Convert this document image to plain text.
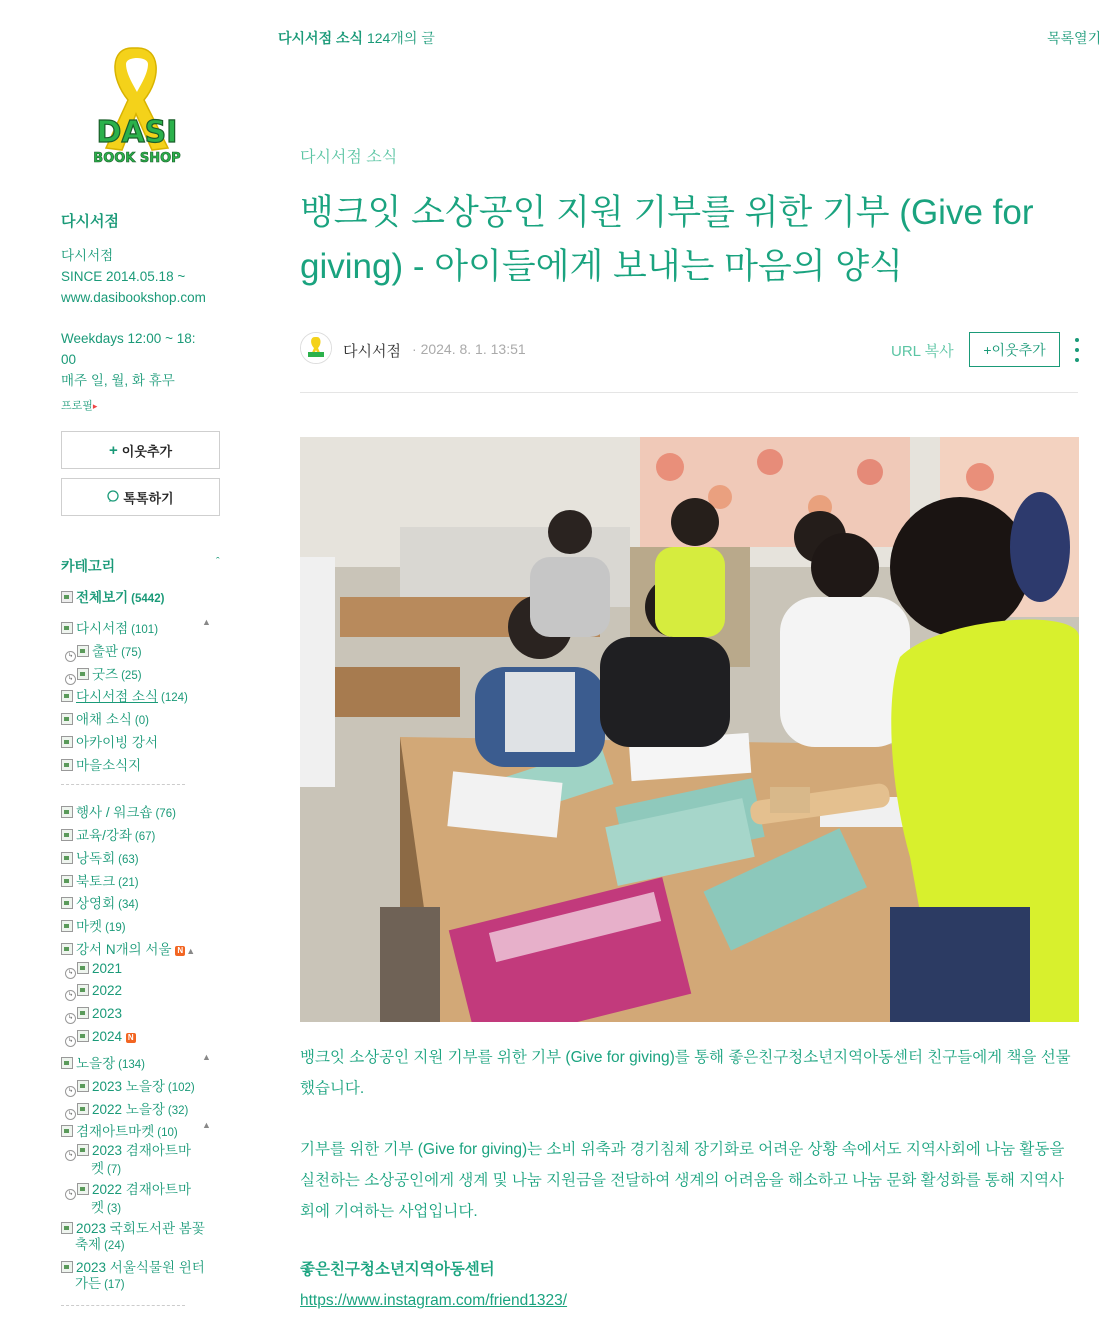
다시서점 소식 124개의 글	목록열기
DASI
BOOK SHOP
다시서점
다시서점
SINCE 2014.05.18 ~
www.dasibookshop.com
Weekdays 12:00 ~ 18:
00
매주 일, 월, 화 휴무
프로필▸
+ 이웃추가
톡톡하기
카테고리	ˆ
전체보기 (5442)
다시서점 (101)
▲
↳ 출판 (75)
↳ 굿즈 (25)
다시서점 소식 (124)
애채 소식 (0)
아카이빙 강서
마을소식지
행사 / 워크숍 (76)
교육/강좌 (67)
낭독회 (63)
북토크 (21)
상영회 (34)
마켓 (19)
강서 N개의 서울 N ▲
↳ 2021
↳ 2022
↳ 2023
↳ 2024 N
노을장 (134)
▲
↳ 2023 노을장 (102)
↳ 2022 노을장 (32)
겸재아트마켓 (10)
▲
↳ 2023 겸재아트마
켓 (7)
↳ 2022 겸재아트마
켓 (3)
2023 국회도서관 봄꽃
축제 (24)
2023 서울식물원 윈터
가든 (17)
다시서점 소식
뱅크잇 소상공인 지원 기부를 위한 기부 (Give for giving) - 아이들에게 보내는 마음의 양식
다시서점 · 2024. 8. 1. 13:51	URL 복사	+이웃추가
뱅크잇 소상공인 지원 기부를 위한 기부 (Give for giving)를 통해 좋은친구청소년지역아동센터 친구들에게 책을 선물했습니다.
기부를 위한 기부 (Give for giving)는 소비 위축과 경기침체 장기화로 어려운 상황 속에서도 지역사회에 나눔 활동을 실천하는 소상공인에게 생계 및 나눔 지원금을 전달하여 생계의 어려움을 해소하고 나눔 문화 활성화를 통해 지역사회에 기여하는 사업입니다.
좋은친구청소년지역아동센터
https://www.instagram.com/friend1323/
